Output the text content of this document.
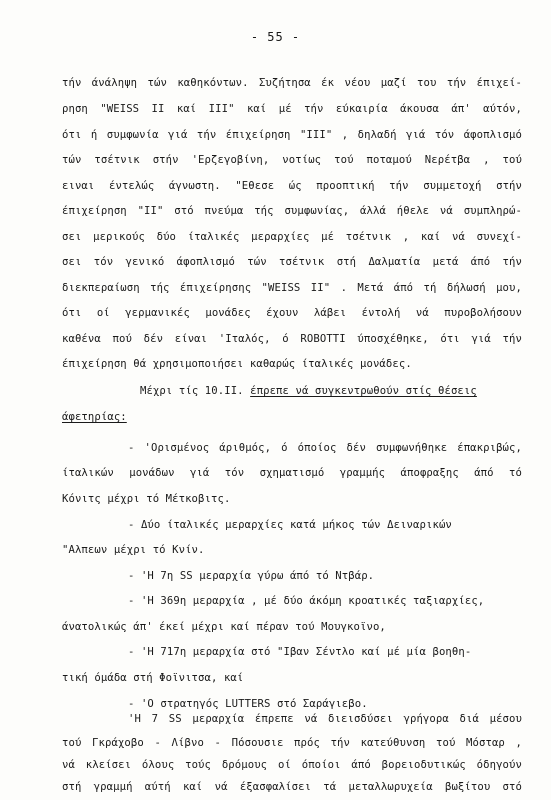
- 55 -
τήν άνάληψη τών καθηκόντων. Συζήτησα έκ νέου μαζί του τήν έπιχεί-
ρηση "WEISS II καί III" καί μέ τήν εύκαιρία άκουσα άπ' αύτόν,
ότι ή συμφωνία γιά τήν έπιχείρηση "III" , δηλαδή γιά τόν άφοπλισμό
τών τσέτνικ στήν 'Ερζεγοβίνη, νοτίως τού ποταμού Νερέτβα , τού
ειναι έντελώς άγνωστη. "Εθεσε ώς προοπτική τήν συμμετοχή στήν
έπιχείρηση "II" στό πνεύμα τής συμφωνίας, άλλά ήθελε νά συμπληρώ-
σει μερικούς δύο ίταλικές μεραρχίες μέ τσέτνικ , καί νά συνεχί-
σει τόν γενικό άφοπλισμό τών τσέτνικ στή Δαλματία μετά άπό τήν
διεκπεραίωση τής έπιχείρησης "WEISS II" . Μετά άπό τή δήλωσή μου,
ότι οί γερμανικές μονάδες έχουν λάβει έντολή νά πυροβολήσουν
καθένα πού δέν είναι 'Ιταλός, ό ROBOTTI ύποσχέθηκε, ότι γιά τήν
έπιχείρηση θά χρησιμοποιήσει καθαρώς ίταλικές μονάδες.
Μέχρι τίς 10.ΙΙ. έπρεπε νά συγκεντρωθούν στίς θέσεις
άφετηρίας:
- 'Ορισμένος άριθμός, ό όποίος δέν συμφωνήθηκε έπακριβώς,
ίταλικών μονάδων γιά τόν σχηματισμό γραμμής άποφραξης άπό τό
Κόνιτς μέχρι τό Μέτκοβιτς.
- Δύο ίταλικές μεραρχίες κατά μήκος τών Δειναρικών
"Αλπεων μέχρι τό Κνίν.
- 'Η 7η SS μεραρχία γύρω άπό τό Ντβάρ.
- 'Η 369η μεραρχία , μέ δύο άκόμη κροατικές ταξιαρχίες,
άνατολικώς άπ' έκεί μέχρι καί πέραν τού Μουγκοϊνο,
- 'Η 717η μεραρχία στό "Ιβαν Σέντλο καί μέ μία βοηθη-
τική όμάδα στή Φοϊνιτσα, καί
- 'Ο στρατηγός LUTTERS στό Σαράγιεβο.
'Η 7 SS μεραρχία έπρεπε νά διεισδύσει γρήγορα διά μέσου
τού Γκράχοβο - Λίβνο - Πόσουσιε πρός τήν κατεύθυνση τού Μόσταρ ,
νά κλείσει όλους τούς δρόμους οί όποίοι άπό βορειοδυτικώς όδηγούν
στή γραμμή αύτή καί νά έξασφαλίσει τά μεταλλωρυχεία βωξίτου στό
